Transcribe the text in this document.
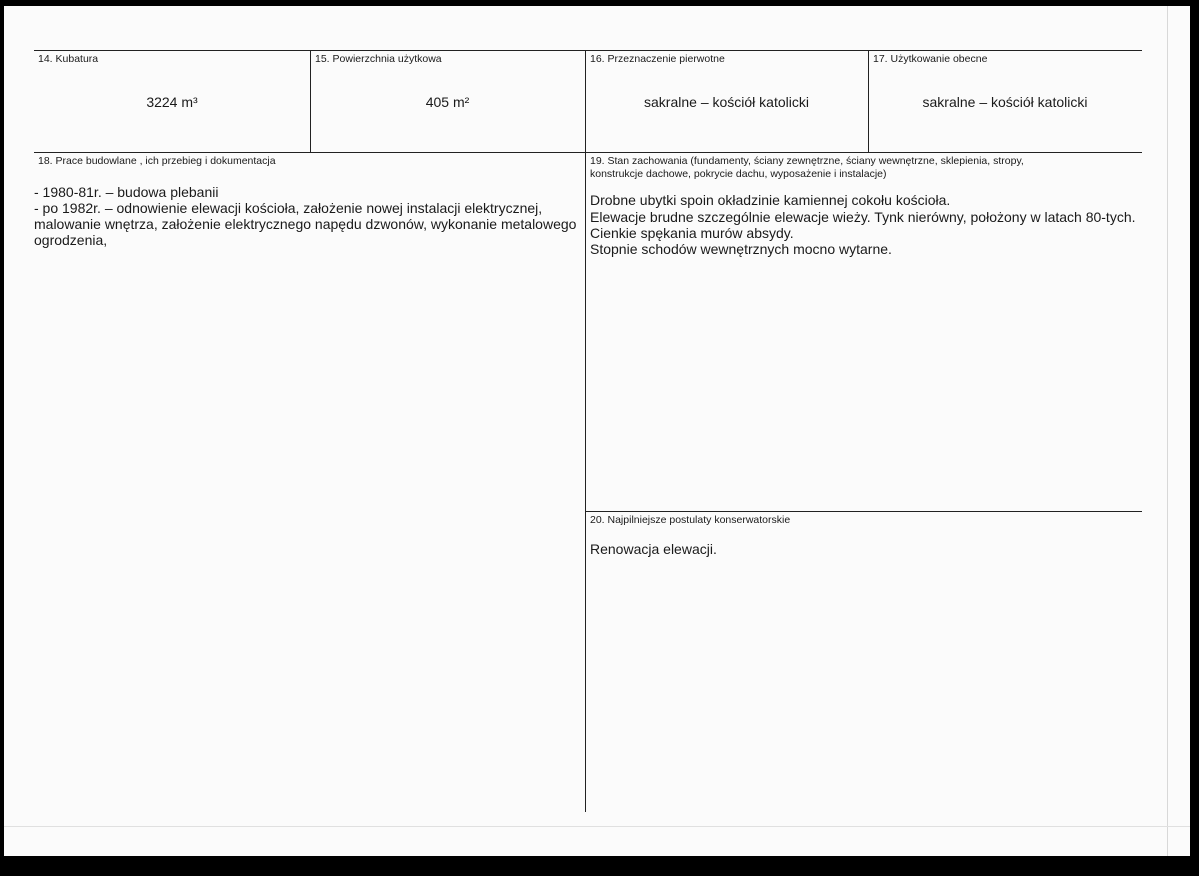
14. Kubatura
3224 m³
15. Powierzchnia użytkowa
405 m²
16. Przeznaczenie pierwotne
sakralne – kościół katolicki
17. Użytkowanie obecne
sakralne – kościół katolicki
18. Prace budowlane , ich przebieg i dokumentacja
- 1980-81r. – budowa plebanii
- po 1982r. – odnowienie elewacji kościoła, założenie nowej instalacji elektrycznej,
malowanie wnętrza, założenie elektrycznego napędu dzwonów, wykonanie metalowego
ogrodzenia,
19. Stan zachowania (fundamenty, ściany zewnętrzne, ściany wewnętrzne, sklepienia, stropy,
konstrukcje dachowe, pokrycie dachu, wyposażenie i instalacje)
Drobne ubytki spoin okładzinie kamiennej cokołu kościoła.
Elewacje brudne szczególnie elewacje wieży. Tynk nierówny, położony w latach 80-tych.
Cienkie spękania murów absydy.
Stopnie schodów wewnętrznych mocno wytarne.
20. Najpilniejsze postulaty konserwatorskie
Renowacja elewacji.
